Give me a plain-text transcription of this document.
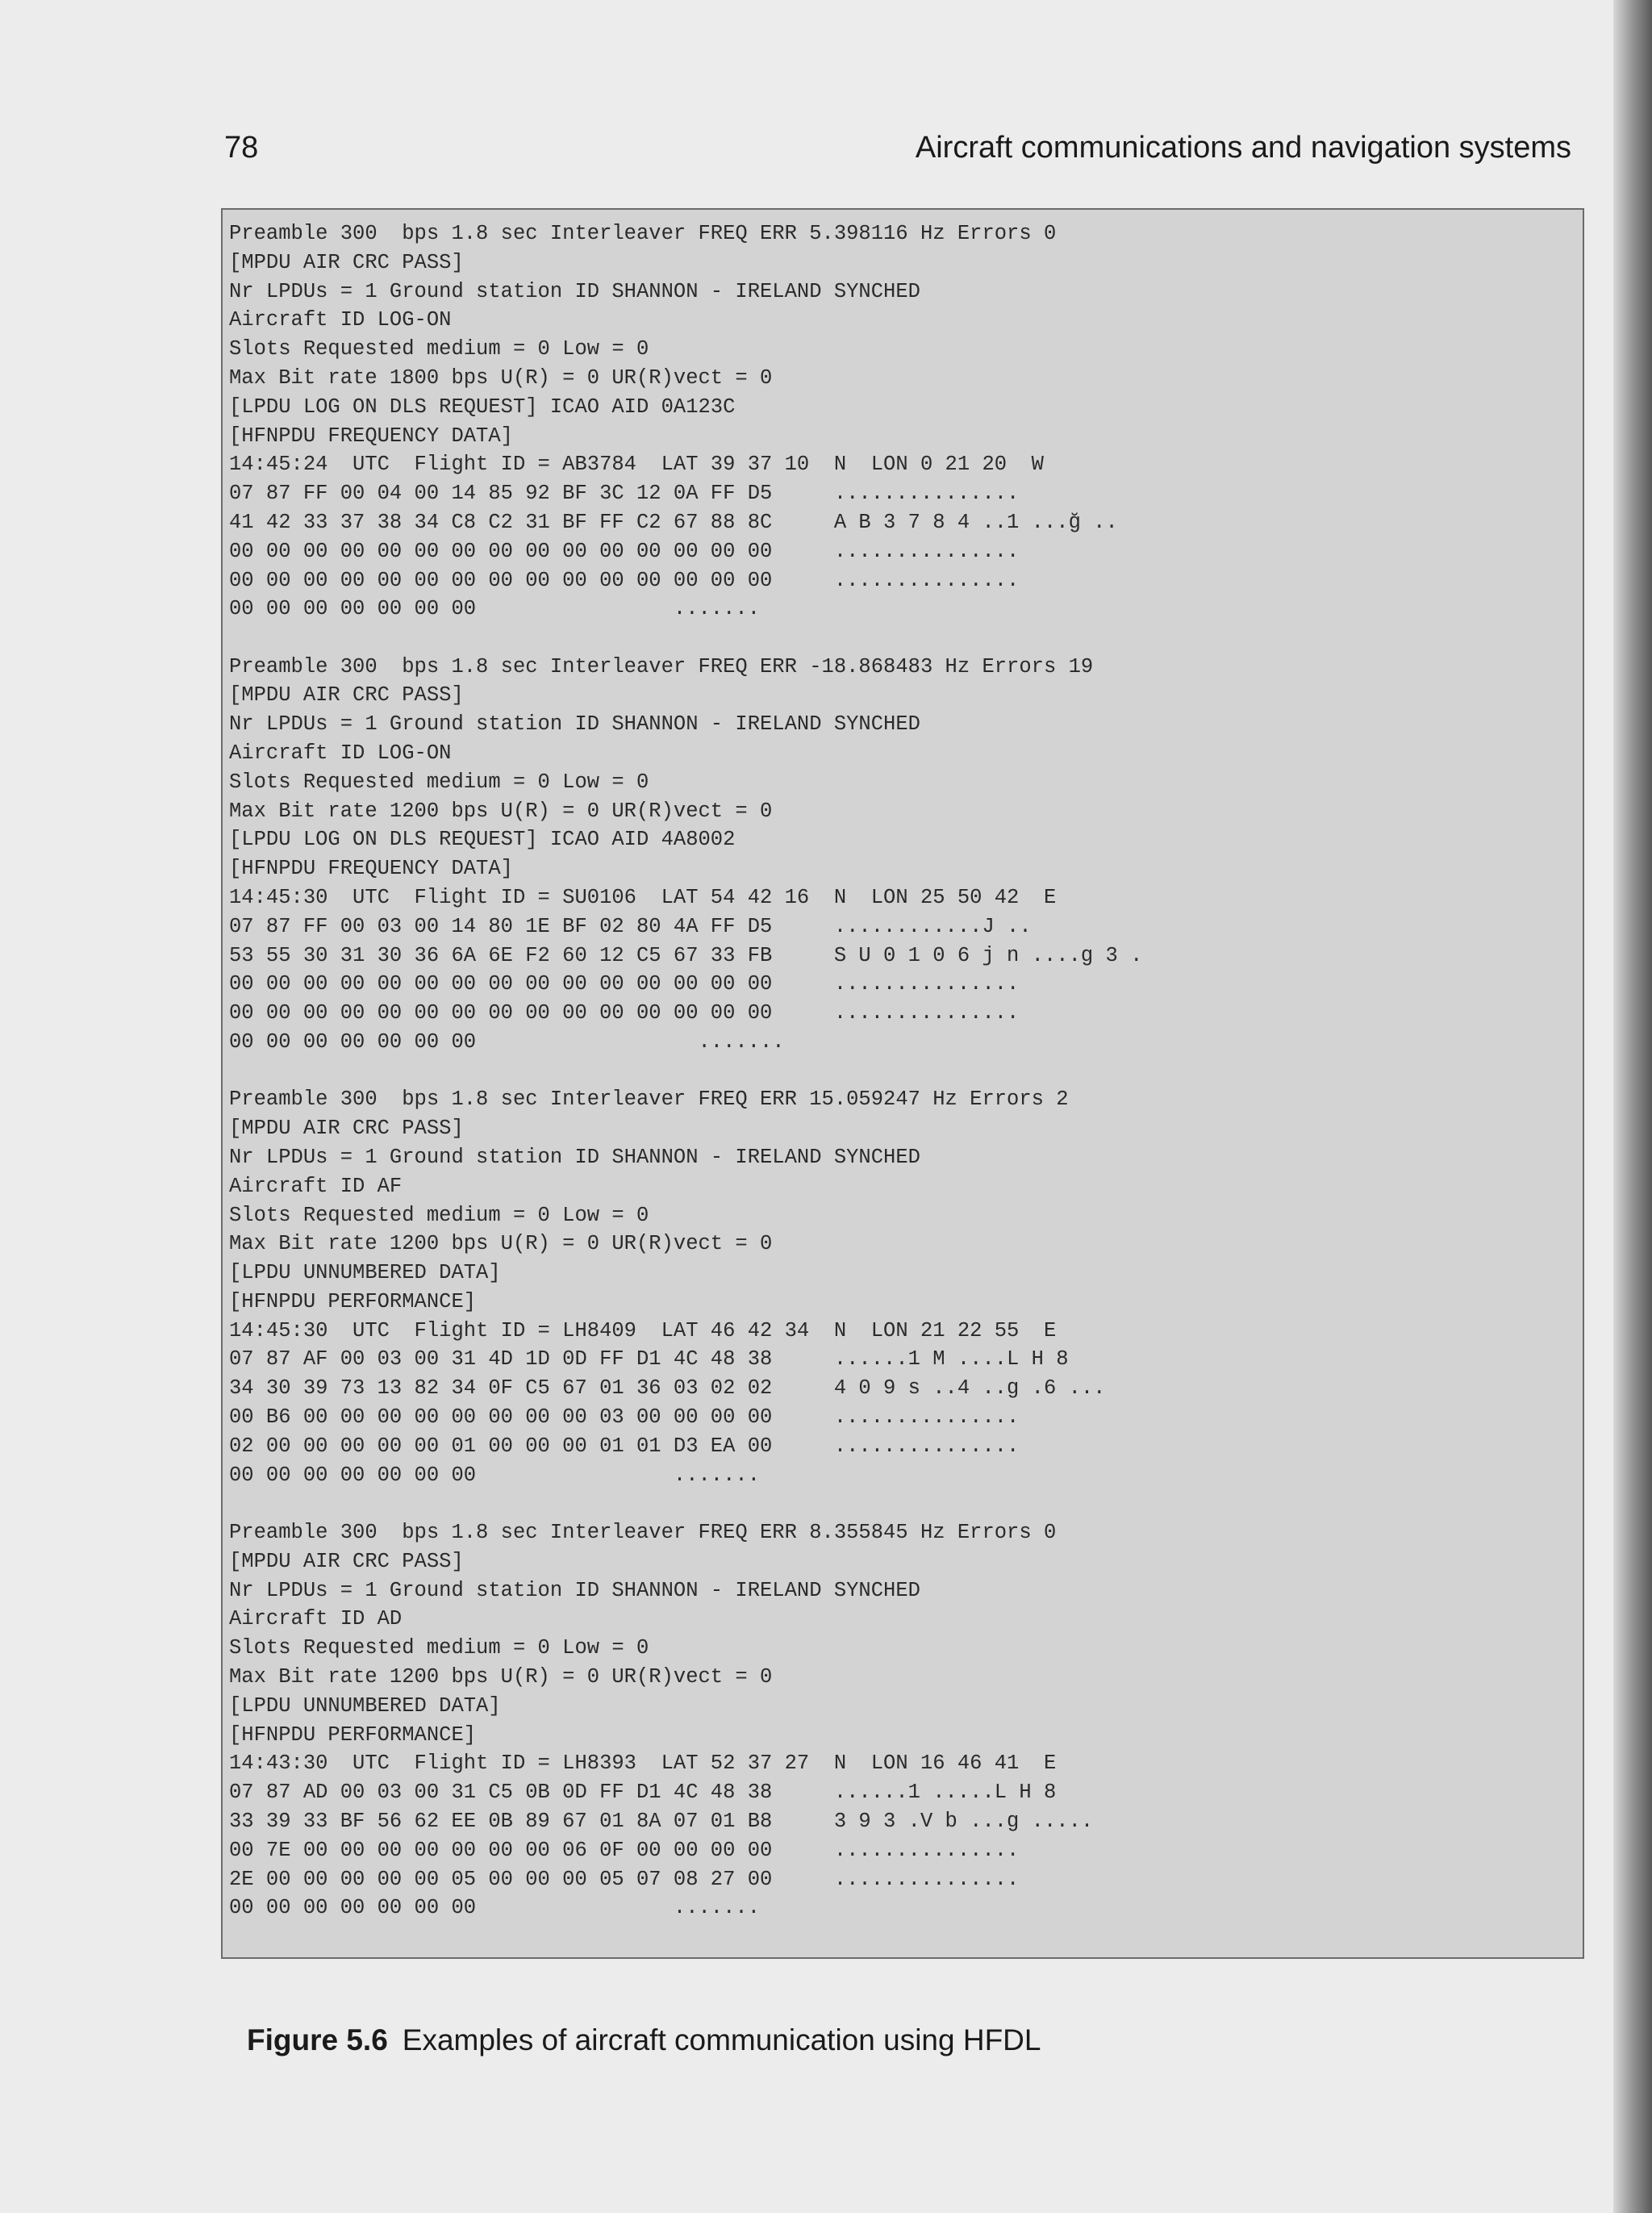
78	Aircraft communications and navigation systems
Preamble 300  bps 1.8 sec Interleaver FREQ ERR 5.398116 Hz Errors 0
[MPDU AIR CRC PASS]
Nr LPDUs = 1 Ground station ID SHANNON - IRELAND SYNCHED
Aircraft ID LOG-ON
Slots Requested medium = 0 Low = 0
Max Bit rate 1800 bps U(R) = 0 UR(R)vect = 0
[LPDU LOG ON DLS REQUEST] ICAO AID 0A123C
[HFNPDU FREQUENCY DATA]
14:45:24  UTC  Flight ID = AB3784  LAT 39 37 10  N  LON 0 21 20  W
07 87 FF 00 04 00 14 85 92 BF 3C 12 0A FF D5     ...............
41 42 33 37 38 34 C8 C2 31 BF FF C2 67 88 8C     A B 3 7 8 4 ..1 ...ğ ..
00 00 00 00 00 00 00 00 00 00 00 00 00 00 00     ...............
00 00 00 00 00 00 00 00 00 00 00 00 00 00 00     ...............
00 00 00 00 00 00 00                .......
Preamble 300  bps 1.8 sec Interleaver FREQ ERR -18.868483 Hz Errors 19
[MPDU AIR CRC PASS]
Nr LPDUs = 1 Ground station ID SHANNON - IRELAND SYNCHED
Aircraft ID LOG-ON
Slots Requested medium = 0 Low = 0
Max Bit rate 1200 bps U(R) = 0 UR(R)vect = 0
[LPDU LOG ON DLS REQUEST] ICAO AID 4A8002
[HFNPDU FREQUENCY DATA]
14:45:30  UTC  Flight ID = SU0106  LAT 54 42 16  N  LON 25 50 42  E
07 87 FF 00 03 00 14 80 1E BF 02 80 4A FF D5     ............J ..
53 55 30 31 30 36 6A 6E F2 60 12 C5 67 33 FB     S U 0 1 0 6 j n ....g 3 .
00 00 00 00 00 00 00 00 00 00 00 00 00 00 00     ...............
00 00 00 00 00 00 00 00 00 00 00 00 00 00 00     ...............
00 00 00 00 00 00 00                  .......
Preamble 300  bps 1.8 sec Interleaver FREQ ERR 15.059247 Hz Errors 2
[MPDU AIR CRC PASS]
Nr LPDUs = 1 Ground station ID SHANNON - IRELAND SYNCHED
Aircraft ID AF
Slots Requested medium = 0 Low = 0
Max Bit rate 1200 bps U(R) = 0 UR(R)vect = 0
[LPDU UNNUMBERED DATA]
[HFNPDU PERFORMANCE]
14:45:30  UTC  Flight ID = LH8409  LAT 46 42 34  N  LON 21 22 55  E
07 87 AF 00 03 00 31 4D 1D 0D FF D1 4C 48 38     ......1 M ....L H 8
34 30 39 73 13 82 34 0F C5 67 01 36 03 02 02     4 0 9 s ..4 ..g .6 ...
00 B6 00 00 00 00 00 00 00 00 03 00 00 00 00     ...............
02 00 00 00 00 00 01 00 00 00 01 01 D3 EA 00     ...............
00 00 00 00 00 00 00                .......
Preamble 300  bps 1.8 sec Interleaver FREQ ERR 8.355845 Hz Errors 0
[MPDU AIR CRC PASS]
Nr LPDUs = 1 Ground station ID SHANNON - IRELAND SYNCHED
Aircraft ID AD
Slots Requested medium = 0 Low = 0
Max Bit rate 1200 bps U(R) = 0 UR(R)vect = 0
[LPDU UNNUMBERED DATA]
[HFNPDU PERFORMANCE]
14:43:30  UTC  Flight ID = LH8393  LAT 52 37 27  N  LON 16 46 41  E
07 87 AD 00 03 00 31 C5 0B 0D FF D1 4C 48 38     ......1 .....L H 8
33 39 33 BF 56 62 EE 0B 89 67 01 8A 07 01 B8     3 9 3 .V b ...g .....
00 7E 00 00 00 00 00 00 00 06 0F 00 00 00 00     ...............
2E 00 00 00 00 00 05 00 00 00 05 07 08 27 00     ...............
00 00 00 00 00 00 00                .......
Figure 5.6 Examples of aircraft communication using HFDL
